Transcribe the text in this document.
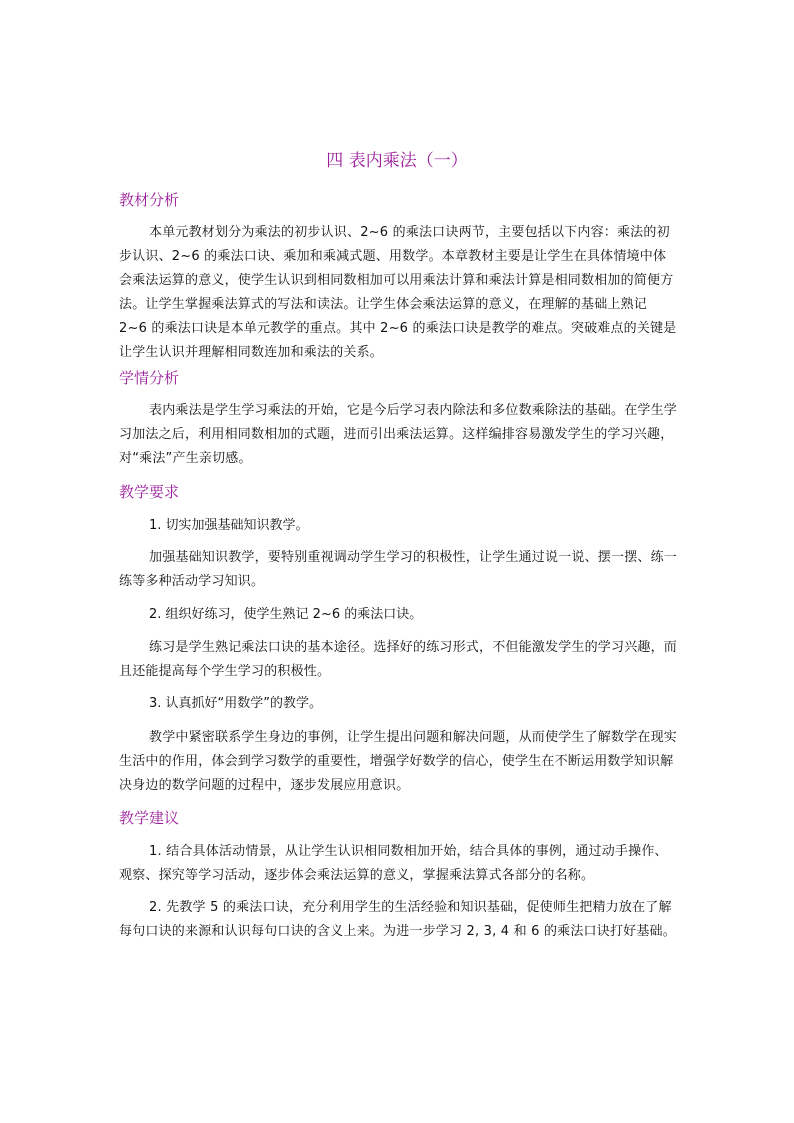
四 表内乘法（一）
教材分析
本单元教材划分为乘法的初步认识、2~6 的乘法口诀两节，主要包括以下内容：乘法的初步认识、2~6 的乘法口诀、乘加和乘减式题、用数学。本章教材主要是让学生在具体情境中体会乘法运算的意义，使学生认识到相同数相加可以用乘法计算和乘法计算是相同数相加的简便方法。让学生掌握乘法算式的写法和读法。让学生体会乘法运算的意义，在理解的基础上熟记 2~6 的乘法口诀是本单元教学的重点。其中 2~6 的乘法口诀是教学的难点。突破难点的关键是让学生认识并理解相同数连加和乘法的关系。
学情分析
表内乘法是学生学习乘法的开始，它是今后学习表内除法和多位数乘除法的基础。在学生学习加法之后，利用相同数相加的式题，进而引出乘法运算。这样编排容易激发学生的学习兴趣，对“乘法”产生亲切感。
教学要求
1. 切实加强基础知识教学。
加强基础知识教学，要特别重视调动学生学习的积极性，让学生通过说一说、摆一摆、练一练等多种活动学习知识。
2. 组织好练习，使学生熟记 2~6 的乘法口诀。
练习是学生熟记乘法口诀的基本途径。选择好的练习形式，不但能激发学生的学习兴趣，而且还能提高每个学生学习的积极性。
3. 认真抓好“用数学”的教学。
教学中紧密联系学生身边的事例，让学生提出问题和解决问题，从而使学生了解数学在现实生活中的作用，体会到学习数学的重要性，增强学好数学的信心，使学生在不断运用数学知识解决身边的数学问题的过程中，逐步发展应用意识。
教学建议
1. 结合具体活动情景，从让学生认识相同数相加开始，结合具体的事例，通过动手操作、观察、探究等学习活动，逐步体会乘法运算的意义，掌握乘法算式各部分的名称。
2. 先教学 5 的乘法口诀，充分利用学生的生活经验和知识基础，促使师生把精力放在了解每句口诀的来源和认识每句口诀的含义上来。为进一步学习 2, 3, 4 和 6 的乘法口诀打好基础。
